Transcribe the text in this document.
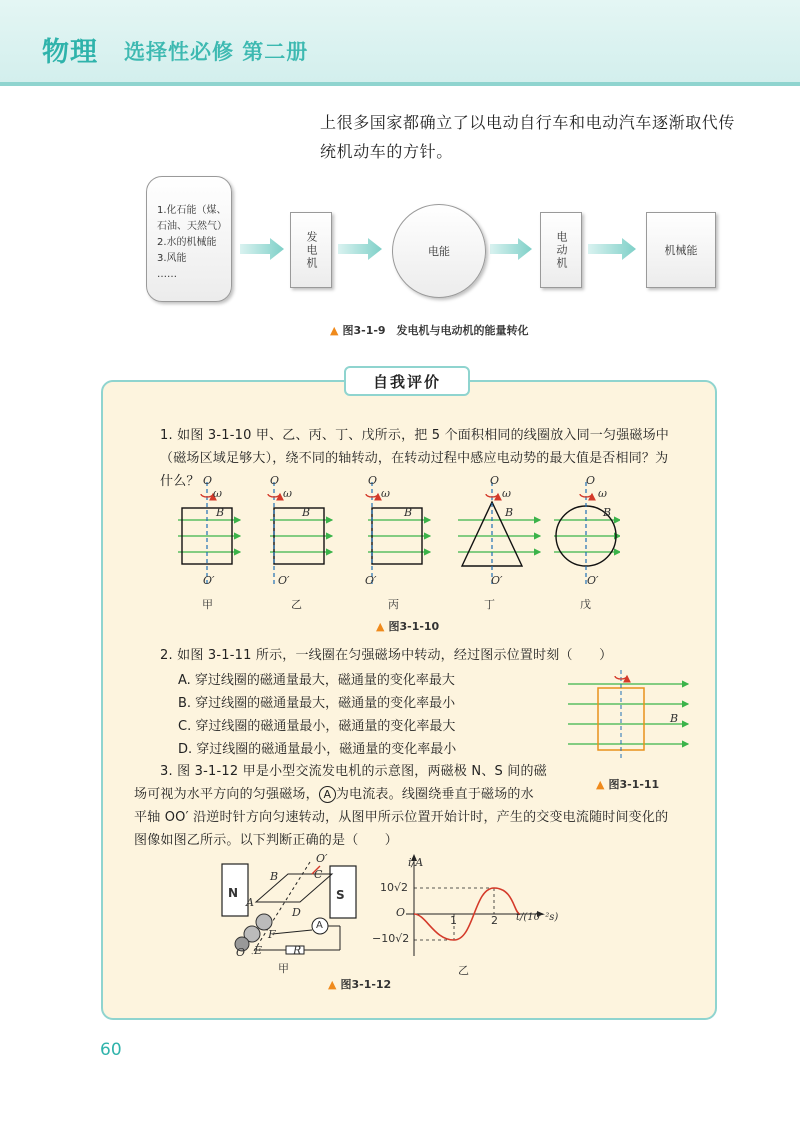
物理 选择性必修 第二册
上很多国家都确立了以电动自行车和电动汽车逐渐取代传统机动车的方针。
1.化石能（煤、
石油、天然气）
2.水的机械能
3.风能
……
发电机	电能	电动机	机械能
▲ 图3-1-9　发电机与电动机的能量转化
自我评价
1. 如图 3-1-10 甲、乙、丙、丁、戊所示，把 5 个面积相同的线圈放入同一匀强磁场中（磁场区域足够大），绕不同的轴转动，在转动过程中感应电动势的最大值是否相同？为什么？ O
ω
B
O′
O
ω
B
O′
O
ω
B
O′
O
ω
B
O′
O
ω
B
O′
甲	乙	丙	丁	戊
▲ 图3-1-10
2. 如图 3-1-11 所示，一线圈在匀强磁场中转动，经过图示位置时刻（　　）
A. 穿过线圈的磁通量最大，磁通量的变化率最大
B. 穿过线圈的磁通量最大，磁通量的变化率最小
C. 穿过线圈的磁通量最小，磁通量的变化率最大
D. 穿过线圈的磁通量最小，磁通量的变化率最小
B
▲ 图3-1-11
3. 图 3-1-12 甲是小型交流发电机的示意图，两磁极 N、S 间的磁
场可视为水平方向的匀强磁场， A 为电流表。线圈绕垂直于磁场的水
平轴 OO′ 沿逆时针方向匀速转动，从图甲所示位置开始计时，产生的交变电流随时间变化的
图像如图乙所示。以下判断正确的是（　　）
N	S
O′
B	C
A
D
F
E
O	R
A
甲
i/A
10√2
O
−10√2
1	2 t/(10⁻²s)
乙
▲ 图3-1-12
60
